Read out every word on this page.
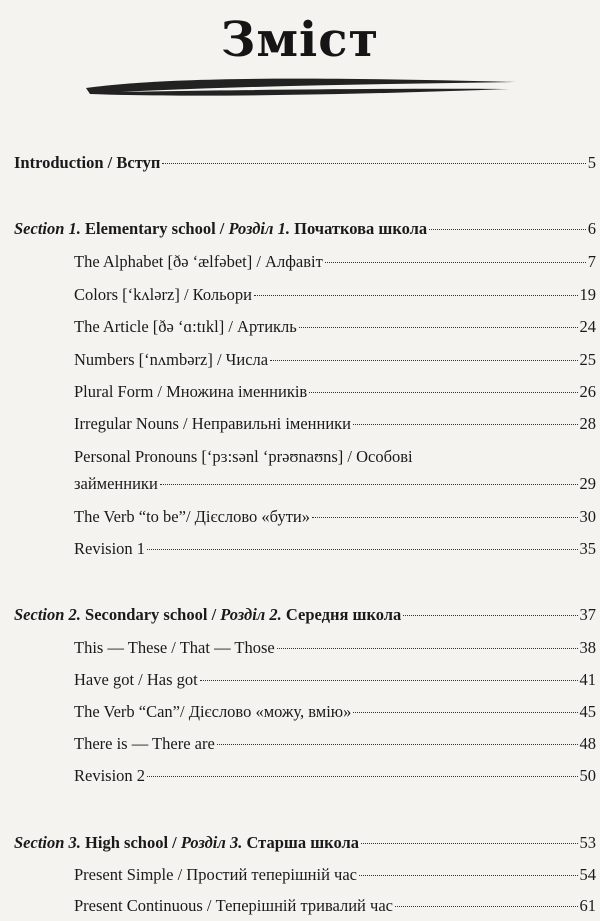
Зміст
Introduction / Вступ	5
Section 1. Elementary school / Розділ 1. Початкова школа	6
The Alphabet [ðə ‘ælfəbet] / Алфавіт	7
Colors [‘kʌlərz] / Кольори	19
The Article [ðə ‘ɑ:tɪkl] / Артикль	24
Numbers [‘nʌmbərz] / Числа	25
Plural Form / Множина іменників	26
Irregular Nouns / Неправильні іменники	28
Personal Pronouns [‘pɜ:sənl ‘prəʊnaʊns] / Особові
займенники	29
The Verb “to be”/ Дієслово «бути»	30
Revision 1	35
Section 2. Secondary school / Розділ 2. Середня школа	37
This — These / That — Those	38
Have got / Has got	41
The Verb “Can”/ Дієслово «можу, вмію»	45
There is — There are	48
Revision 2	50
Section 3. High school / Розділ 3. Старша школа	53
Present Simple / Простий теперішній час	54
Present Continuous / Теперішній тривалий час	61
